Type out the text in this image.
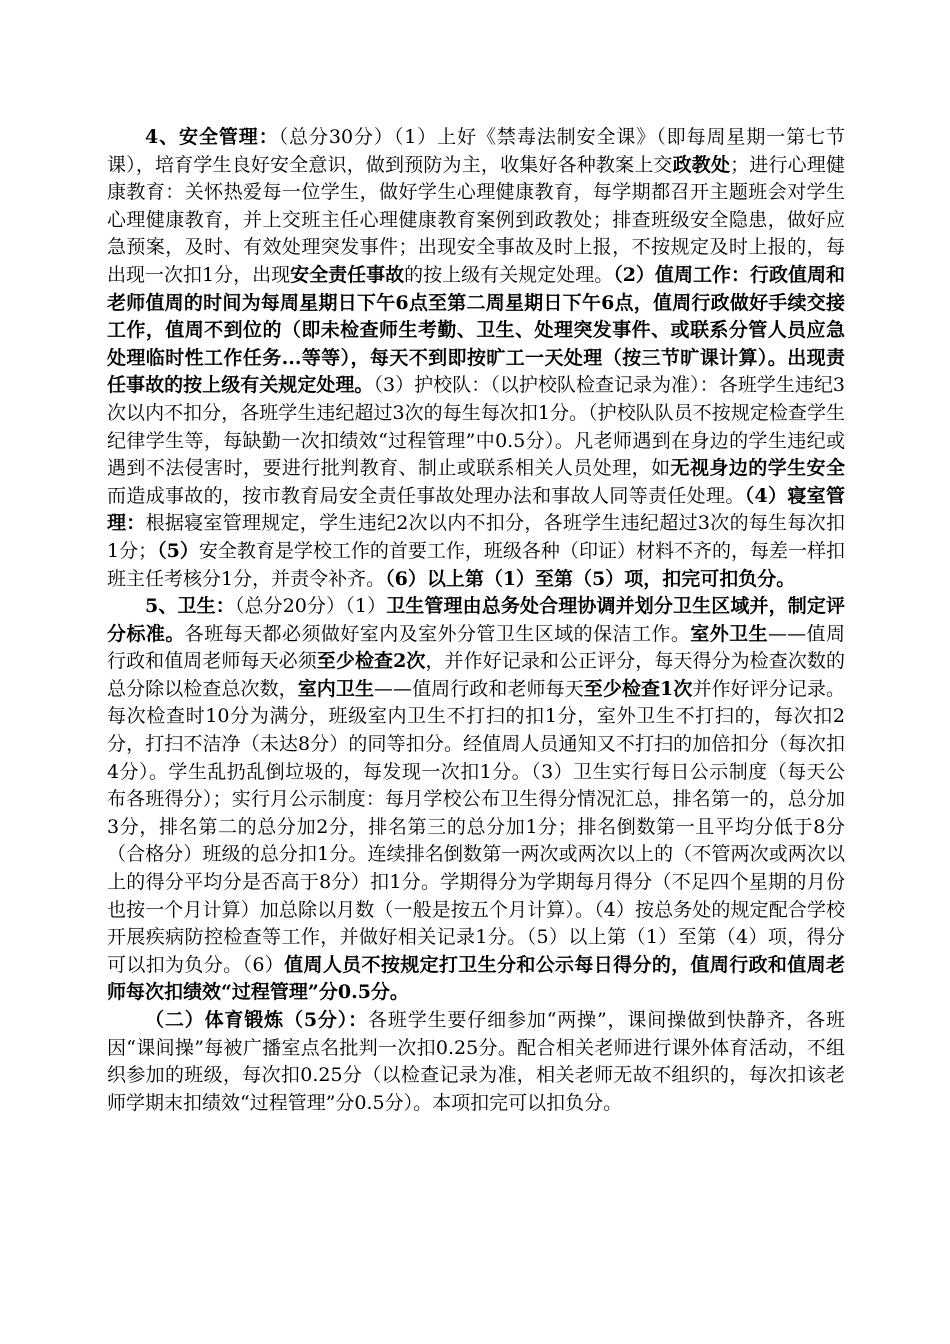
4、安全管理：（总分30分）（1）上好《禁毒法制安全课》（即每周星期一第七节课），培育学生良好安全意识，做到预防为主，收集好各种教案上交政教处；进行心理健康教育：关怀热爱每一位学生，做好学生心理健康教育，每学期都召开主题班会对学生心理健康教育，并上交班主任心理健康教育案例到政教处；排查班级安全隐患，做好应急预案，及时、有效处理突发事件；出现安全事故及时上报，不按规定及时上报的，每出现一次扣1分，出现安全责任事故的按上级有关规定处理。（2）值周工作：行政值周和老师值周的时间为每周星期日下午6点至第二周星期日下午6点，值周行政做好手续交接工作，值周不到位的（即未检查师生考勤、卫生、处理突发事件、或联系分管人员应急处理临时性工作任务...等等），每天不到即按旷工一天处理（按三节旷课计算）。出现责任事故的按上级有关规定处理。（3）护校队：（以护校队检查记录为准）：各班学生违纪3次以内不扣分，各班学生违纪超过3次的每生每次扣1分。（护校队队员不按规定检查学生纪律学生等，每缺勤一次扣绩效“过程管理”中0.5分）。凡老师遇到在身边的学生违纪或遇到不法侵害时，要进行批判教育、制止或联系相关人员处理，如无视身边的学生安全而造成事故的，按市教育局安全责任事故处理办法和事故人同等责任处理。（4）寝室管理：根据寝室管理规定，学生违纪2次以内不扣分，各班学生违纪超过3次的每生每次扣1分；（5）安全教育是学校工作的首要工作，班级各种（印证）材料不齐的，每差一样扣班主任考核分1分，并责令补齐。（6）以上第（1）至第（5）项，扣完可扣负分。

5、卫生：（总分20分）（1）卫生管理由总务处合理协调并划分卫生区域并，制定评分标准。各班每天都必须做好室内及室外分管卫生区域的保洁工作。室外卫生——值周行政和值周老师每天必须至少检查2次，并作好记录和公正评分，每天得分为检查次数的总分除以检查总次数，室内卫生——值周行政和老师每天至少检查1次并作好评分记录。每次检查时10分为满分，班级室内卫生不打扫的扣1分，室外卫生不打扫的，每次扣2分，打扫不洁净（未达8分）的同等扣分。经值周人员通知又不打扫的加倍扣分（每次扣4分）。学生乱扔乱倒垃圾的，每发现一次扣1分。（3）卫生实行每日公示制度（每天公布各班得分）；实行月公示制度：每月学校公布卫生得分情况汇总，排名第一的，总分加3分，排名第二的总分加2分，排名第三的总分加1分；排名倒数第一且平均分低于8分（合格分）班级的总分扣1分。连续排名倒数第一两次或两次以上的（不管两次或两次以上的得分平均分是否高于8分）扣1分。学期得分为学期每月得分（不足四个星期的月份也按一个月计算）加总除以月数（一般是按五个月计算）。（4）按总务处的规定配合学校开展疾病防控检查等工作，并做好相关记录1分。（5）以上第（1）至第（4）项，得分可以扣为负分。（6）值周人员不按规定打卫生分和公示每日得分的，值周行政和值周老师每次扣绩效“过程管理”分0.5分。

（二）体育锻炼（5分）：各班学生要仔细参加“两操”，课间操做到快静齐，各班因“课间操”每被广播室点名批判一次扣0.25分。配合相关老师进行课外体育活动，不组织参加的班级，每次扣0.25分（以检查记录为准，相关老师无故不组织的，每次扣该老师学期末扣绩效“过程管理”分0.5分）。本项扣完可以扣负分。
